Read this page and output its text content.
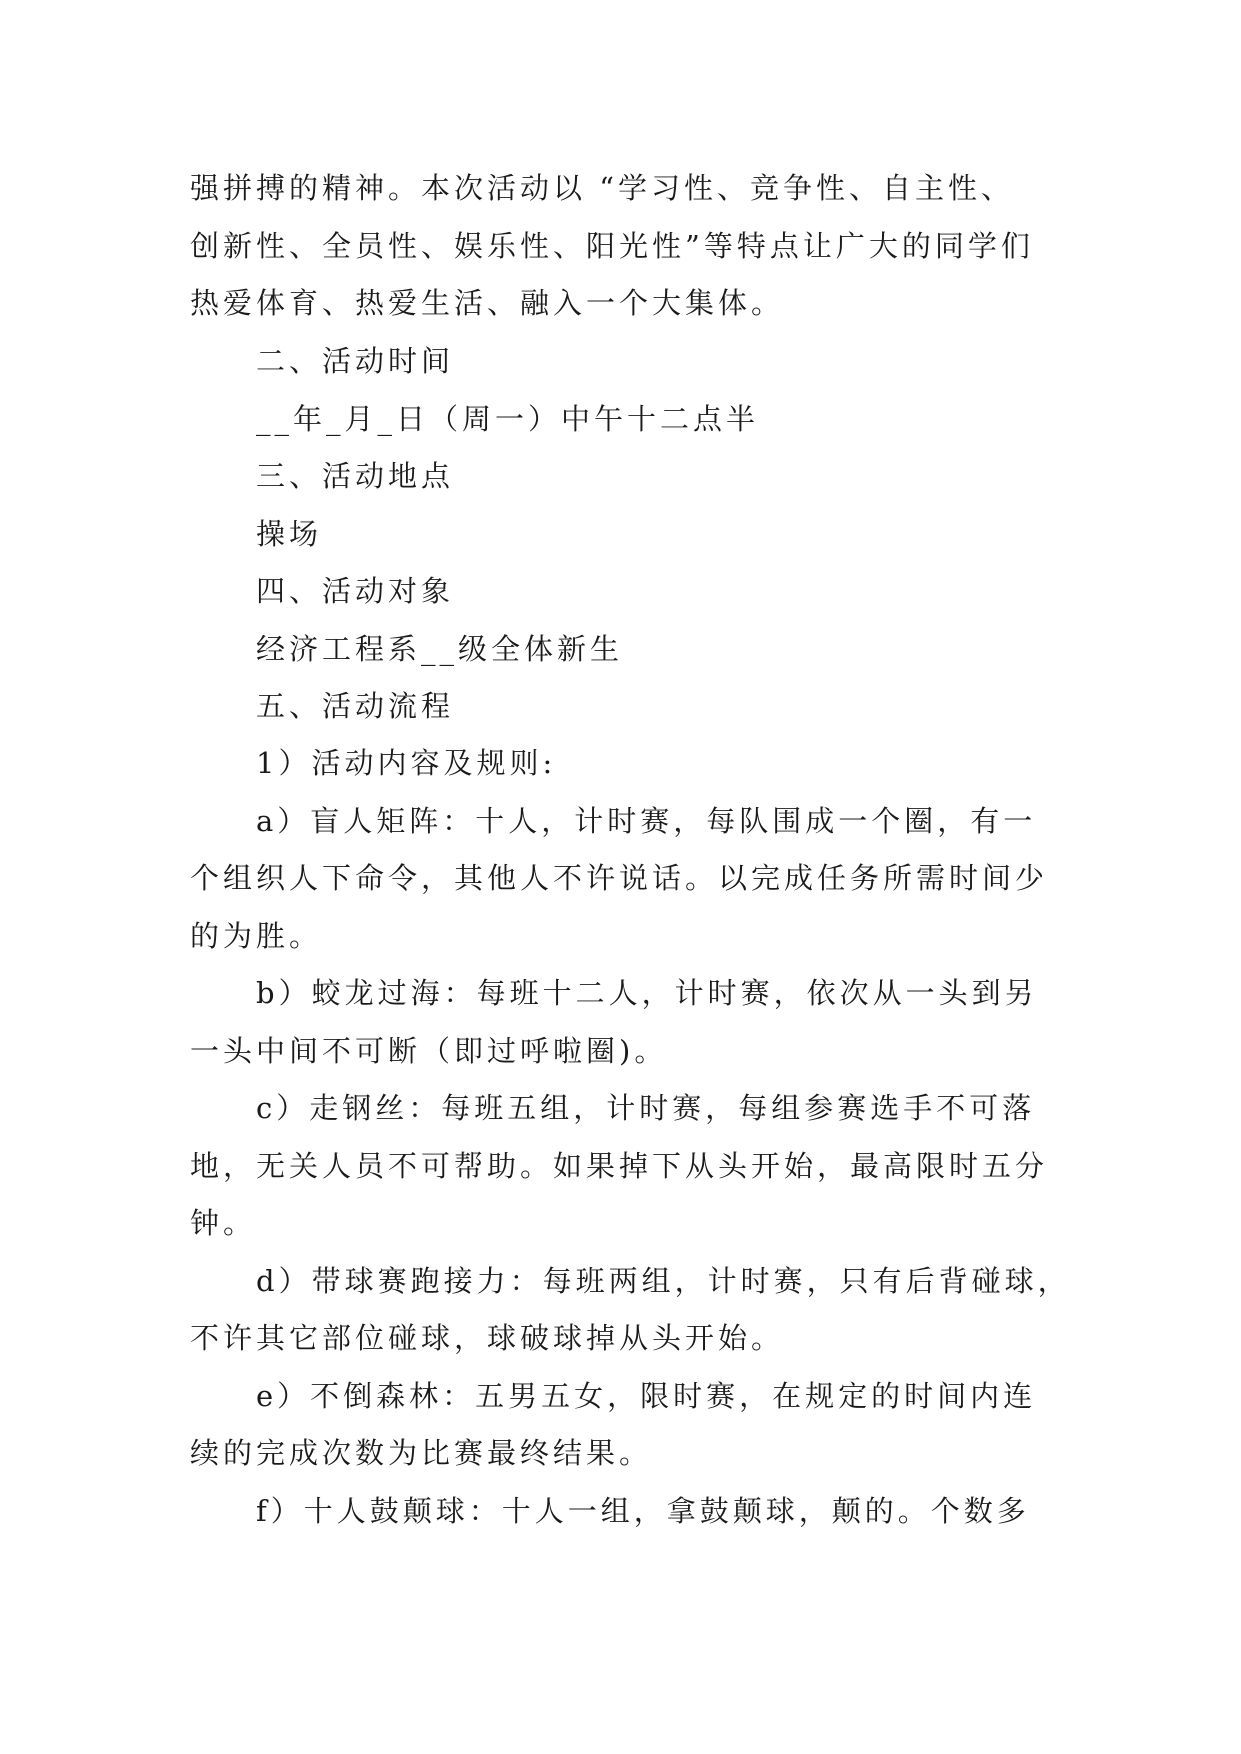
强拼搏的精神。本次活动以 “学习性、竞争性、自主性、

创新性、全员性、娱乐性、阳光性”等特点让广大的同学们

热爱体育、热爱生活、融入一个大集体。

二、活动时间

__年_月_日（周一）中午十二点半

三、活动地点

操场

四、活动对象

经济工程系__级全体新生

五、活动流程

1）活动内容及规则:

a）盲人矩阵：十人，计时赛，每队围成一个圈，有一

个组织人下命令，其他人不许说话。以完成任务所需时间少

的为胜。

b）蛟龙过海：每班十二人，计时赛，依次从一头到另

一头中间不可断（即过呼啦圈)。

c）走钢丝：每班五组，计时赛，每组参赛选手不可落

地，无关人员不可帮助。如果掉下从头开始，最高限时五分

钟。

d）带球赛跑接力：每班两组，计时赛，只有后背碰球，

不许其它部位碰球，球破球掉从头开始。

e）不倒森林：五男五女，限时赛，在规定的时间内连

续的完成次数为比赛最终结果。

f）十人鼓颠球：十人一组，拿鼓颠球，颠的。个数多
